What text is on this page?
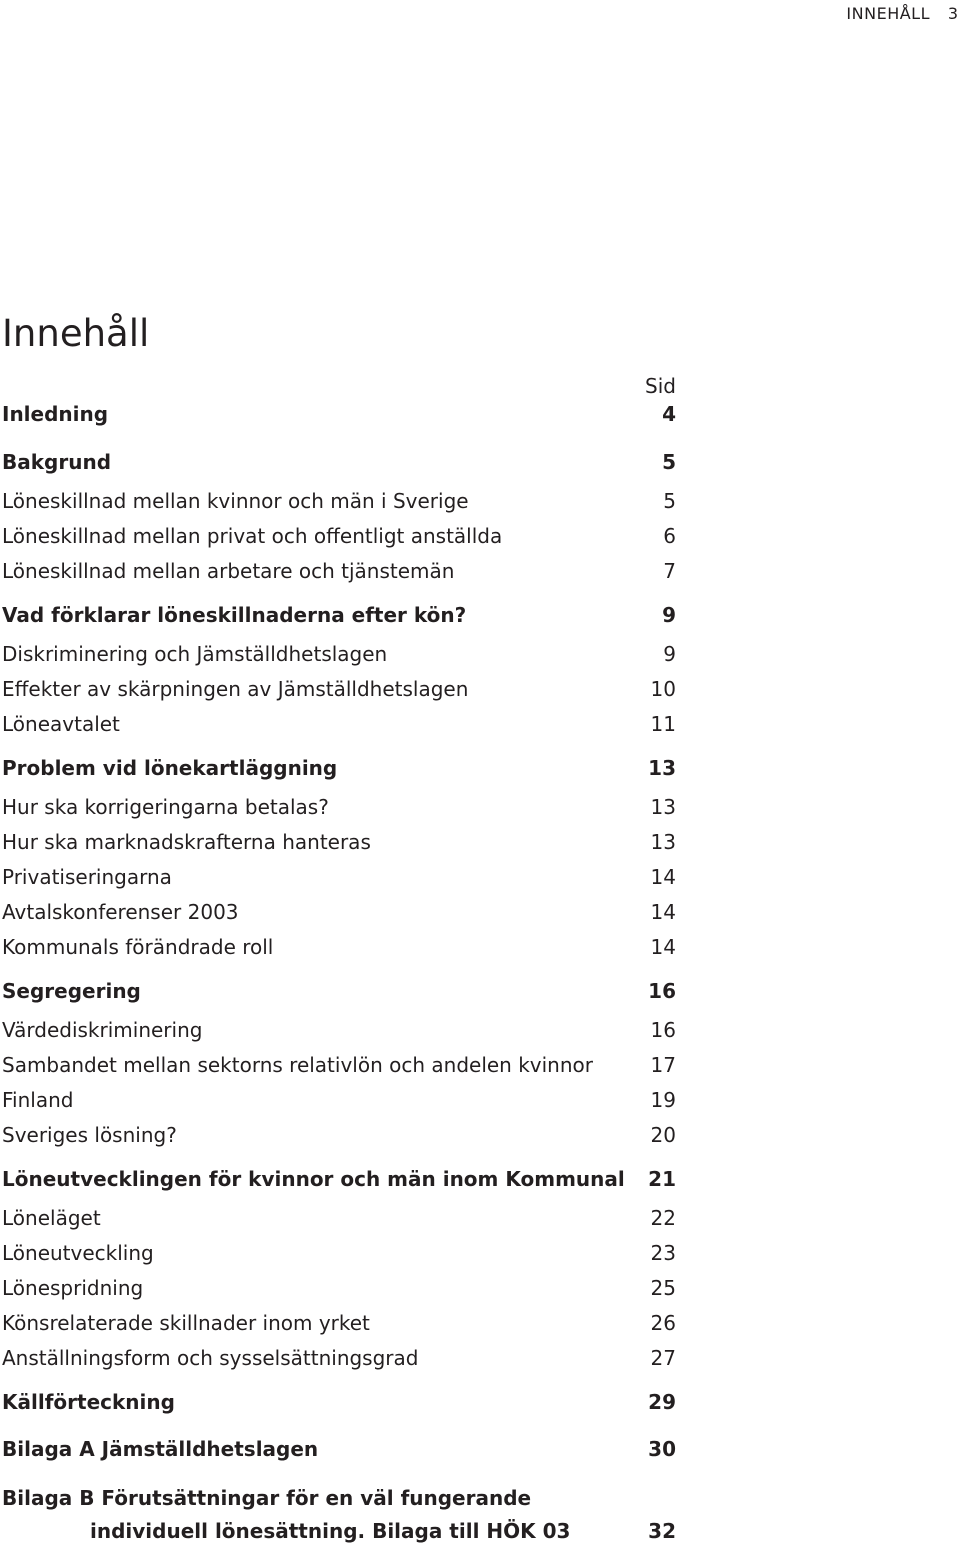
INNEHÅLL 3
Innehåll
Sid
Inledning	4
Bakgrund	5
Löneskillnad mellan kvinnor och män i Sverige	5
Löneskillnad mellan privat och offentligt anställda	6
Löneskillnad mellan arbetare och tjänstemän	7
Vad förklarar löneskillnaderna efter kön?	9
Diskriminering och Jämställdhetslagen	9
Effekter av skärpningen av Jämställdhetslagen	10
Löneavtalet	11
Problem vid lönekartläggning	13
Hur ska korrigeringarna betalas?	13
Hur ska marknadskrafterna hanteras	13
Privatiseringarna	14
Avtalskonferenser 2003	14
Kommunals förändrade roll	14
Segregering	16
Värdediskriminering	16
Sambandet mellan sektorns relativlön och andelen kvinnor	17
Finland	19
Sveriges lösning?	20
Löneutvecklingen för kvinnor och män inom Kommunal 21
Löneläget	22
Löneutveckling	23
Lönespridning	25
Könsrelaterade skillnader inom yrket	26
Anställningsform och sysselsättningsgrad	27
Källförteckning	29
Bilaga A Jämställdhetslagen	30
Bilaga B Förutsättningar för en väl fungerande
individuell lönesättning. Bilaga till HÖK 03	32
